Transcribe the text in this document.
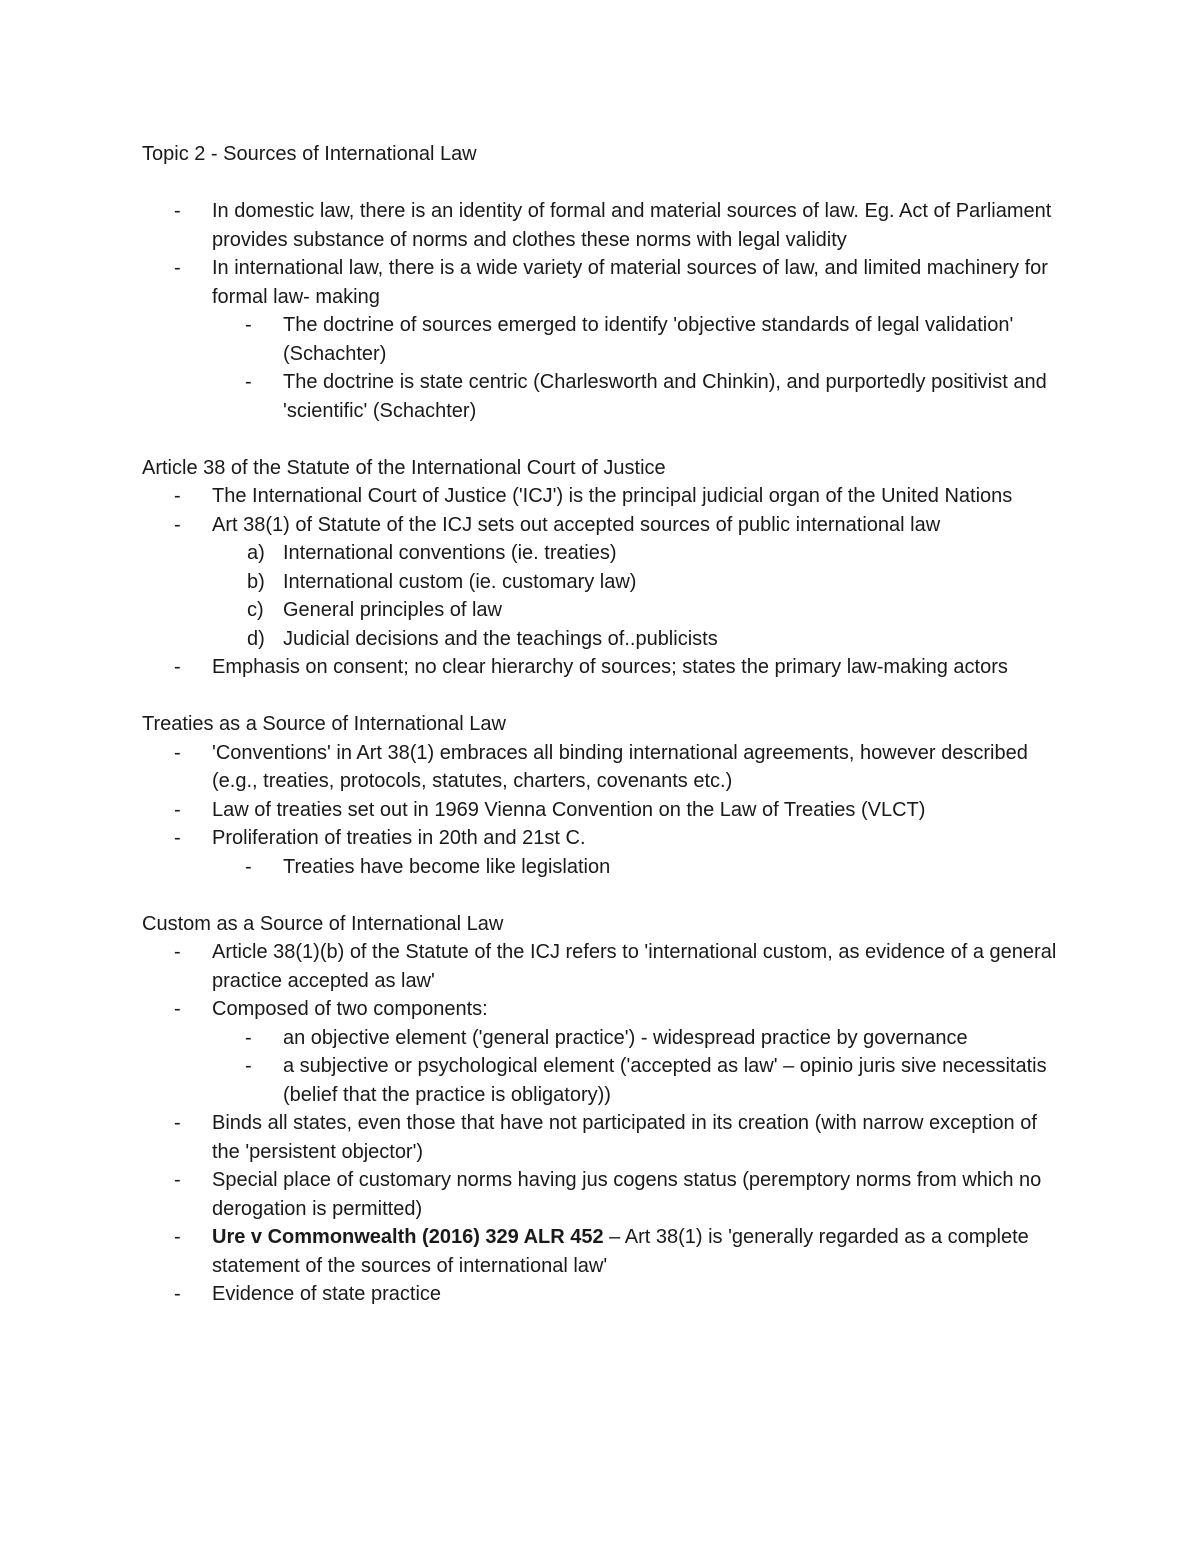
Topic 2 - Sources of International Law

-	In domestic law, there is an identity of formal and material sources of law. Eg. Act of Parliament provides substance of norms and clothes these norms with legal validity
-	In international law, there is a wide variety of material sources of law, and limited machinery for formal law- making
-	The doctrine of sources emerged to identify 'objective standards of legal validation' (Schachter)
-	The doctrine is state centric (Charlesworth and Chinkin), and purportedly positivist and 'scientific' (Schachter)

Article 38 of the Statute of the International Court of Justice

-	The International Court of Justice ('ICJ') is the principal judicial organ of the United Nations
-	Art 38(1) of Statute of the ICJ sets out accepted sources of public international law
a) International conventions (ie. treaties)
b) International custom (ie. customary law)
c) General principles of law
d) Judicial decisions and the teachings of..publicists
-	Emphasis on consent; no clear hierarchy of sources; states the primary law-making actors

Treaties as a Source of International Law

-	'Conventions' in Art 38(1) embraces all binding international agreements, however described (e.g., treaties, protocols, statutes, charters, covenants etc.)
-	Law of treaties set out in 1969 Vienna Convention on the Law of Treaties (VLCT)
-	Proliferation of treaties in 20th and 21st C.
-	Treaties have become like legislation

Custom as a Source of International Law

-	Article 38(1)(b) of the Statute of the ICJ refers to 'international custom, as evidence of a general practice accepted as law'
-	Composed of two components:
-	an objective element ('general practice') - widespread practice by governance
-	a subjective or psychological element ('accepted as law' – opinio juris sive necessitatis (belief that the practice is obligatory))
-	Binds all states, even those that have not participated in its creation (with narrow exception of the 'persistent objector')
-	Special place of customary norms having jus cogens status (peremptory norms from which no derogation is permitted)
-	Ure v Commonwealth (2016) 329 ALR 452 – Art 38(1) is 'generally regarded as a complete statement of the sources of international law'
-	Evidence of state practice
